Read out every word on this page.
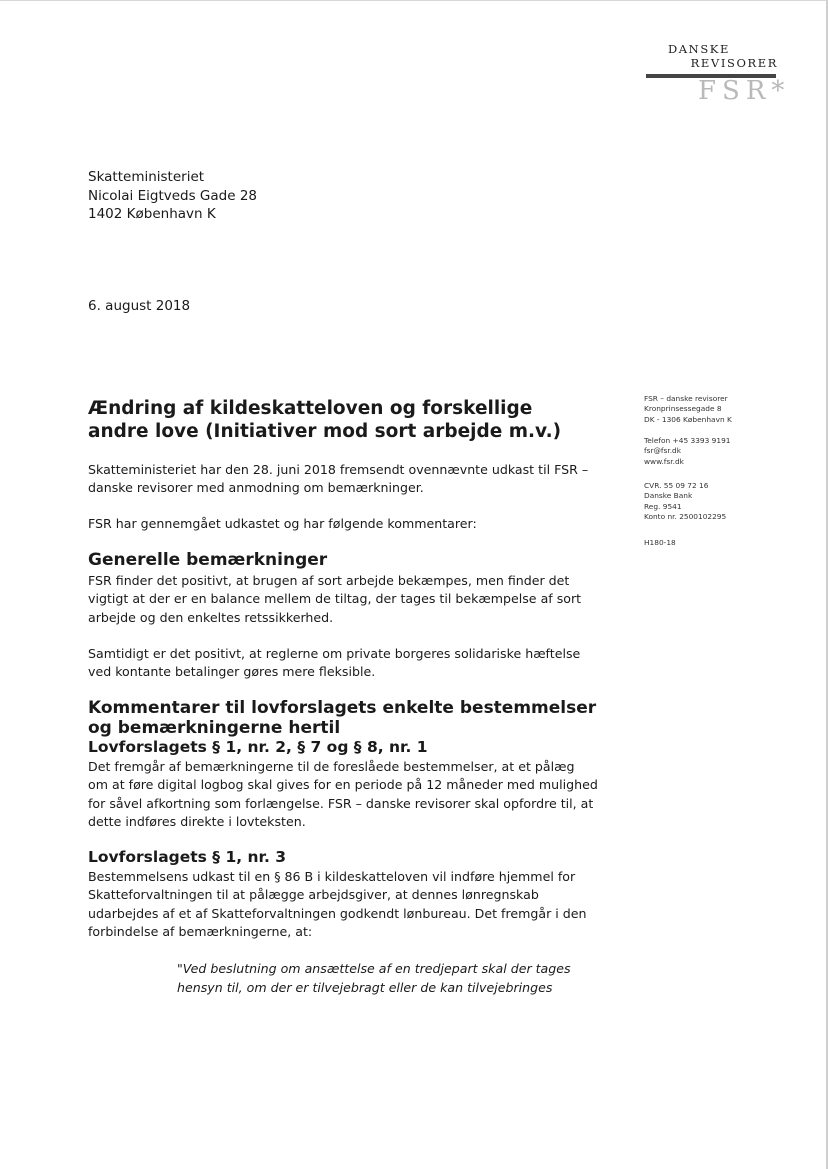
DANSKE
REVISORER
FSR*
Skatteministeriet
Nicolai Eigtveds Gade 28
1402 København K
6. august 2018
FSR – danske revisorer
Kronprinsessegade 8
DK - 1306 København K
Telefon +45 3393 9191
fsr@fsr.dk
www.fsr.dk
CVR. 55 09 72 16
Danske Bank
Reg. 9541
Konto nr. 2500102295
H180-18
Ændring af kildeskatteloven og forskellige andre love (Initiativer mod sort arbejde m.v.)

Skatteministeriet har den 28. juni 2018 fremsendt ovennævnte udkast til FSR – danske revisorer med anmodning om bemærkninger.

FSR har gennemgået udkastet og har følgende kommentarer:

Generelle bemærkninger

FSR finder det positivt, at brugen af sort arbejde bekæmpes, men finder det vigtigt at der er en balance mellem de tiltag, der tages til bekæmpelse af sort arbejde og den enkeltes retssikkerhed.

Samtidigt er det positivt, at reglerne om private borgeres solidariske hæftelse ved kontante betalinger gøres mere fleksible.

Kommentarer til lovforslagets enkelte bestemmelser og bemærkningerne hertil
Lovforslagets § 1, nr. 2, § 7 og § 8, nr. 1

Det fremgår af bemærkningerne til de foreslåede bestemmelser, at et pålæg om at føre digital logbog skal gives for en periode på 12 måneder med mulighed for såvel afkortning som forlængelse. FSR – danske revisorer skal opfordre til, at dette indføres direkte i lovteksten.

Lovforslagets § 1, nr. 3

Bestemmelsens udkast til en § 86 B i kildeskatteloven vil indføre hjemmel for Skatteforvaltningen til at pålægge arbejdsgiver, at dennes lønregnskab udarbejdes af et af Skatteforvaltningen godkendt lønbureau. Det fremgår i den forbindelse af bemærkningerne, at:

"Ved beslutning om ansættelse af en tredjepart skal der tages hensyn til, om der er tilvejebragt eller de kan tilvejebringes
